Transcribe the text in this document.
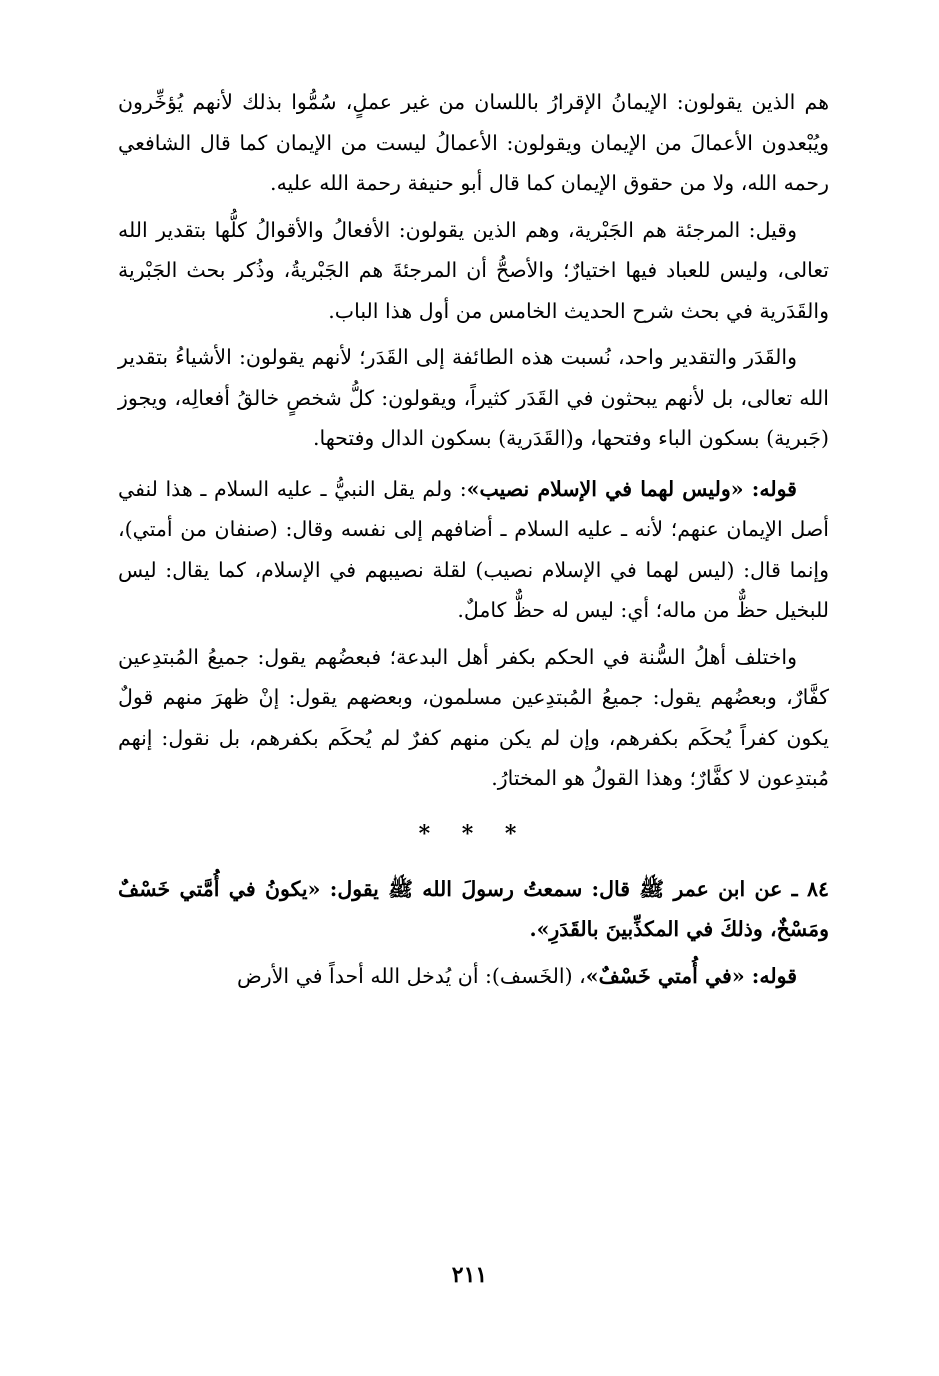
هم الذين يقولون: الإيمانُ الإقرارُ باللسان من غير عملٍ، سُمُّوا بذلك لأنهم يُؤخِّرون ويُبْعدون الأعمالَ من الإيمان ويقولون: الأعمالُ ليست من الإيمان كما قال الشافعي رحمه الله، ولا من حقوق الإيمان كما قال أبو حنيفة رحمة الله عليه.

وقيل: المرجئة هم الجَبْرية، وهم الذين يقولون: الأفعالُ والأقوالُ كلُّها بتقدير الله تعالى، وليس للعباد فيها اختيارٌ؛ والأصحُّ أن المرجئةَ هم الجَبْريةُ، وذُكر بحث الجَبْرية والقَدَرية في بحث شرح الحديث الخامس من أول هذا الباب.

والقَدَر والتقدير واحد، نُسبت هذه الطائفة إلى القَدَر؛ لأنهم يقولون: الأشياءُ بتقدير الله تعالى، بل لأنهم يبحثون في القَدَر كثيراً، ويقولون: كلُّ شخصٍ خالقُ أفعالِه، ويجوز (جَبرية) بسكون الباء وفتحها، و(القَدَرية) بسكون الدال وفتحها.

قوله: «وليس لهما في الإسلام نصيب»: ولم يقل النبيُّ ـ عليه السلام ـ هذا لنفي أصل الإيمان عنهم؛ لأنه ـ عليه السلام ـ أضافهم إلى نفسه وقال: (صنفان من أمتي)، وإنما قال: (ليس لهما في الإسلام نصيب) لقلة نصيبهم في الإسلام، كما يقال: ليس للبخيل حظٌّ من ماله؛ أي: ليس له حظٌّ كاملٌ.

واختلف أهلُ السُّنة في الحكم بكفر أهل البدعة؛ فبعضُهم يقول: جميعُ المُبتدِعين كفَّارٌ، وبعضُهم يقول: جميعُ المُبتدِعين مسلمون، وبعضهم يقول: إنْ ظهرَ منهم قولٌ يكون كفراً يُحكَم بكفرهم، وإن لم يكن منهم كفرٌ لم يُحكَم بكفرهم، بل نقول: إنهم مُبتدِعون لا كفَّارٌ؛ وهذا القولُ هو المختارُ.

* * *

٨٤ ـ عن ابن عمر ﷺ قال: سمعتُ رسولَ الله ﷺ يقول: «يكونُ في أُمَّتي خَسْفٌ ومَسْخٌ، وذلكَ في المكذِّبينَ بالقَدَرِ».

قوله: «في أُمتي خَسْفٌ»، (الخَسف): أن يُدخل الله أحداً في الأرض

٢١١
